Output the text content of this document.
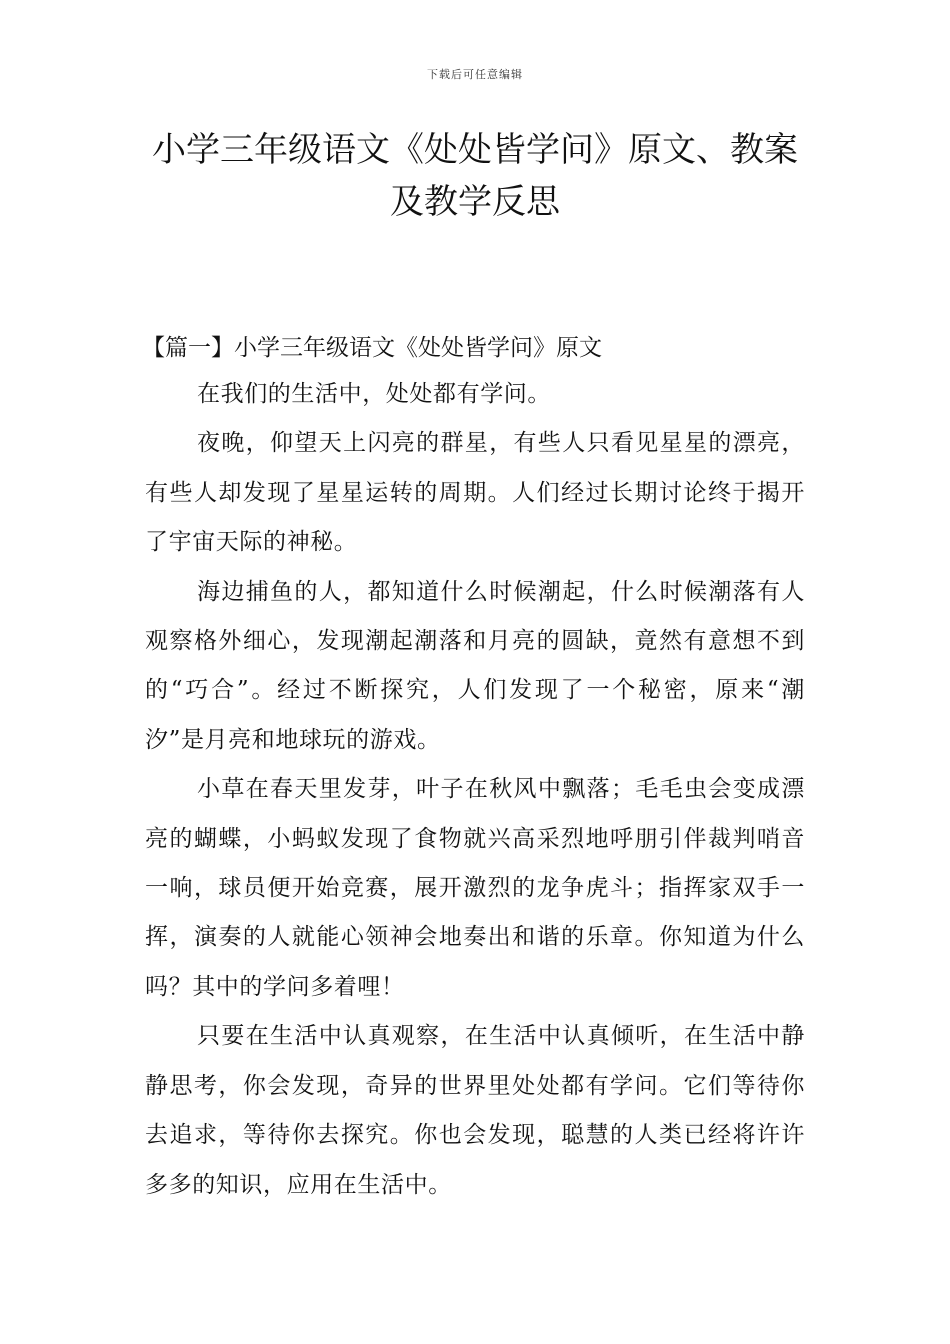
下载后可任意编辑
小学三年级语文《处处皆学问》原文、教案及教学反思

【篇一】小学三年级语文《处处皆学问》原文

在我们的生活中，处处都有学问。

夜晚，仰望天上闪亮的群星，有些人只看见星星的漂亮，有些人却发现了星星运转的周期。人们经过长期讨论终于揭开了宇宙天际的神秘。

海边捕鱼的人，都知道什么时候潮起，什么时候潮落有人观察格外细心，发现潮起潮落和月亮的圆缺，竟然有意想不到的“巧合”。经过不断探究，人们发现了一个秘密，原来“潮汐”是月亮和地球玩的游戏。

小草在春天里发芽，叶子在秋风中飘落；毛毛虫会变成漂亮的蝴蝶，小蚂蚁发现了食物就兴高采烈地呼朋引伴裁判哨音一响，球员便开始竞赛，展开激烈的龙争虎斗；指挥家双手一挥，演奏的人就能心领神会地奏出和谐的乐章。你知道为什么吗？其中的学问多着哩！

只要在生活中认真观察，在生活中认真倾听，在生活中静静思考，你会发现，奇异的世界里处处都有学问。它们等待你去追求，等待你去探究。你也会发现，聪慧的人类已经将许许多多的知识，应用在生活中。
